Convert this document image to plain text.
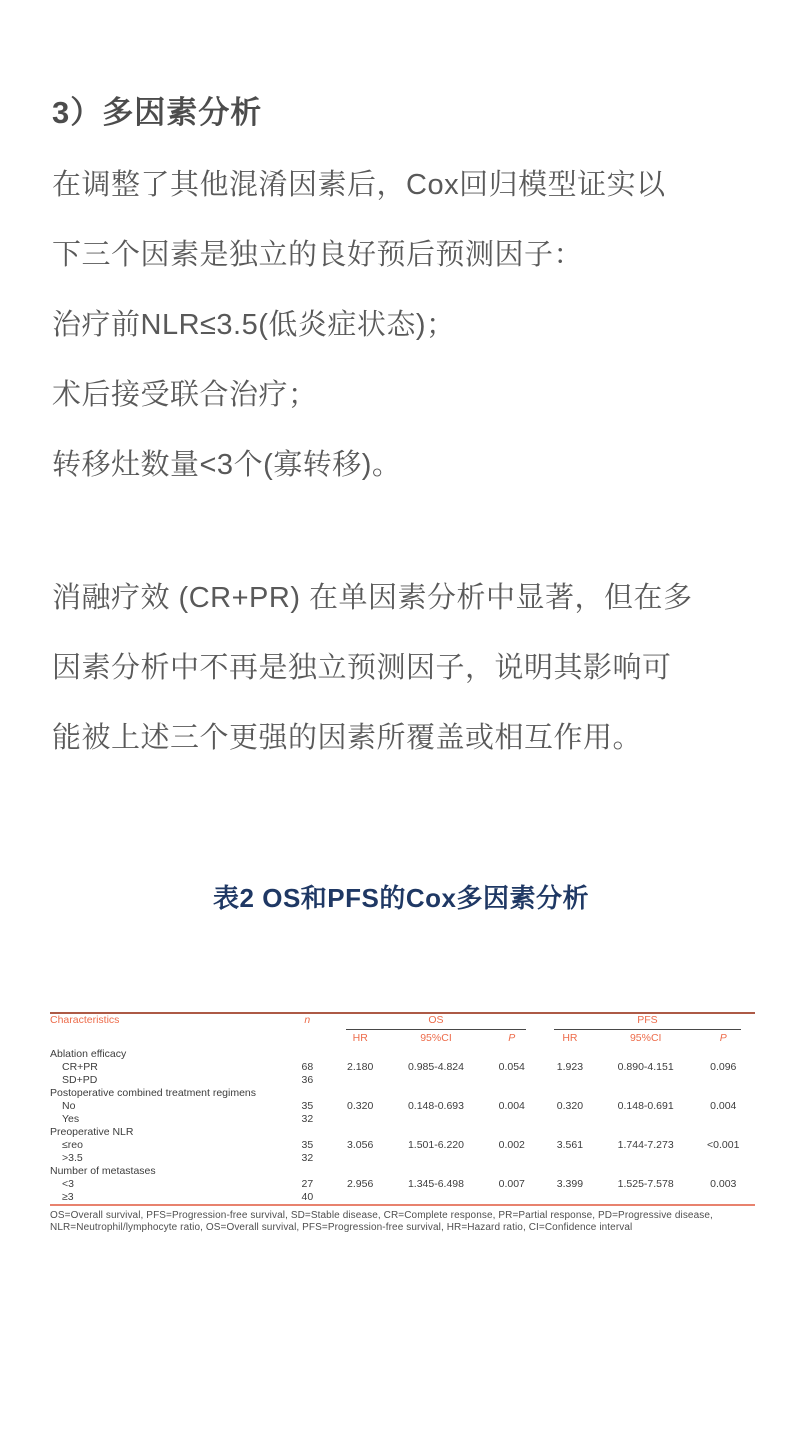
3）多因素分析
在调整了其他混淆因素后，Cox回归模型证实以
下三个因素是独立的良好预后预测因子：
治疗前NLR≤3.5(低炎症状态)；
术后接受联合治疗；
转移灶数量<3个(寡转移)。
消融疗效 (CR+PR) 在单因素分析中显著，但在多
因素分析中不再是独立预测因子，说明其影响可
能被上述三个更强的因素所覆盖或相互作用。
表2 OS和PFS的Cox多因素分析
Characteristics	n	OS			PFS		

		HR	95%CI	P	HR	95%CI	P
Ablation efficacy							
CR+PR	68	2.180	0.985-4.824	0.054	1.923	0.890-4.151	0.096
SD+PD	36						
Postoperative combined treatment regimens							
No	35	0.320	0.148-0.693	0.004	0.320	0.148-0.691	0.004
Yes	32						
Preoperative NLR							
≤reo	35	3.056	1.501-6.220	0.002	3.561	1.744-7.273	<0.001
>3.5	32						
Number of metastases							
<3	27	2.956	1.345-6.498	0.007	3.399	1.525-7.578	0.003
≥3	40						
OS=Overall survival, PFS=Progression-free survival, SD=Stable disease, CR=Complete response, PR=Partial response, PD=Progressive disease,
NLR=Neutrophil/lymphocyte ratio, OS=Overall survival, PFS=Progression-free survival, HR=Hazard ratio, CI=Confidence interval
